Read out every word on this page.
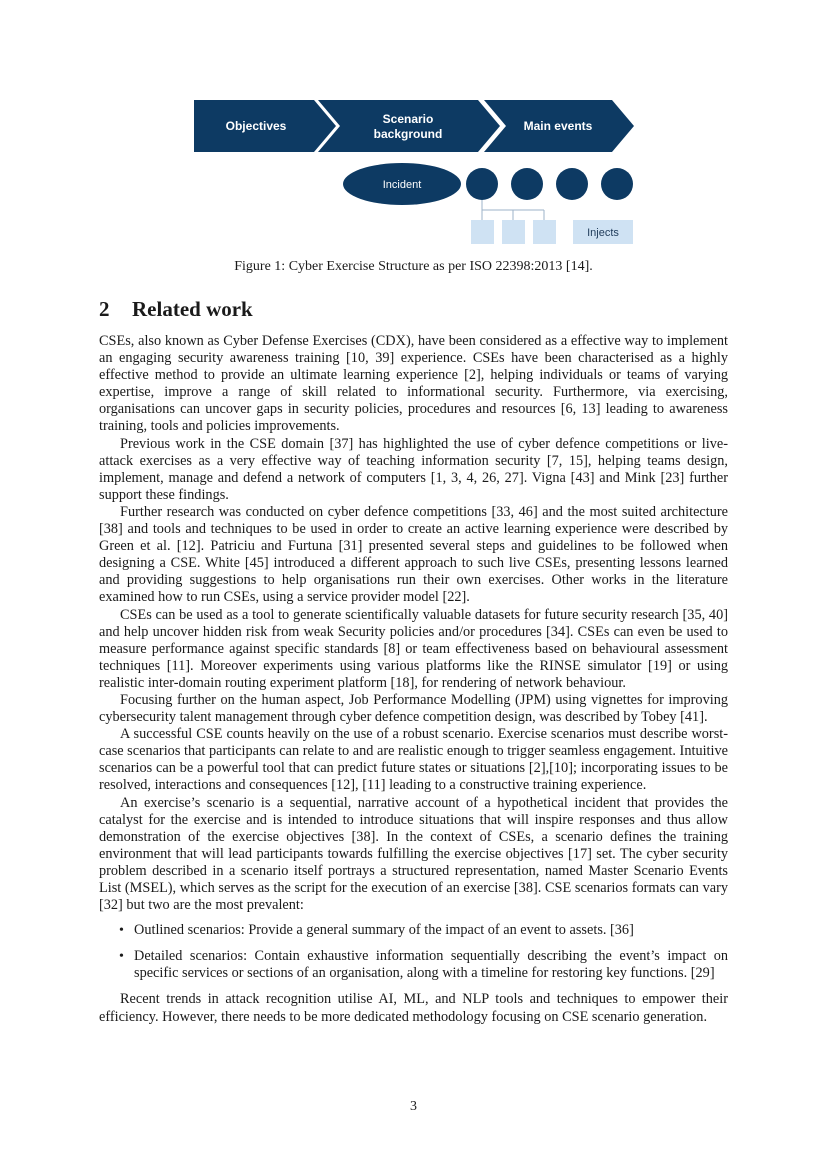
Objectives	Scenario
background
Main events
Incident
Injects
Figure 1: Cyber Exercise Structure as per ISO 22398:2013 [14].
2 Related work

CSEs, also known as Cyber Defense Exercises (CDX), have been considered as a effective way to implement an engaging security awareness training [10, 39] experience. CSEs have been characterised as a highly effective method to provide an ultimate learning experience [2], helping individuals or teams of varying expertise, improve a range of skill related to informational security. Furthermore, via exercising, organisations can uncover gaps in security policies, procedures and resources [6, 13] leading to awareness training, tools and policies improvements.

Previous work in the CSE domain [37] has highlighted the use of cyber defence competitions or live-attack exercises as a very effective way of teaching information security [7, 15], helping teams design, implement, manage and defend a network of computers [1, 3, 4, 26, 27]. Vigna [43] and Mink [23] further support these findings.

Further research was conducted on cyber defence competitions [33, 46] and the most suited architecture [38] and tools and techniques to be used in order to create an active learning experience were described by Green et al. [12]. Patriciu and Furtuna [31] presented several steps and guidelines to be followed when designing a CSE. White [45] introduced a different approach to such live CSEs, presenting lessons learned and providing suggestions to help organisations run their own exercises. Other works in the literature examined how to run CSEs, using a service provider model [22].

CSEs can be used as a tool to generate scientifically valuable datasets for future security research [35, 40] and help uncover hidden risk from weak Security policies and/or procedures [34]. CSEs can even be used to measure performance against specific standards [8] or team effectiveness based on behavioural assessment techniques [11]. Moreover experiments using various platforms like the RINSE simulator [19] or using realistic inter-domain routing experiment platform [18], for rendering of network behaviour.

Focusing further on the human aspect, Job Performance Modelling (JPM) using vignettes for improving cybersecurity talent management through cyber defence competition design, was described by Tobey [41].

A successful CSE counts heavily on the use of a robust scenario. Exercise scenarios must describe worst-case scenarios that participants can relate to and are realistic enough to trigger seamless engagement. Intuitive scenarios can be a powerful tool that can predict future states or situations [2],[10]; incorporating issues to be resolved, interactions and consequences [12], [11] leading to a constructive training experience.

An exercise’s scenario is a sequential, narrative account of a hypothetical incident that provides the catalyst for the exercise and is intended to introduce situations that will inspire responses and thus allow demonstration of the exercise objectives [38]. In the context of CSEs, a scenario defines the training environment that will lead participants towards fulfilling the exercise objectives [17] set. The cyber security problem described in a scenario itself portrays a structured representation, named Master Scenario Events List (MSEL), which serves as the script for the execution of an exercise [38]. CSE scenarios formats can vary [32] but two are the most prevalent:

• Outlined scenarios: Provide a general summary of the impact of an event to assets. [36]
• Detailed scenarios: Contain exhaustive information sequentially describing the event’s impact on specific services or sections of an organisation, along with a timeline for restoring key functions. [29]

Recent trends in attack recognition utilise AI, ML, and NLP tools and techniques to empower their efficiency. However, there needs to be more dedicated methodology focusing on CSE scenario generation.

3
